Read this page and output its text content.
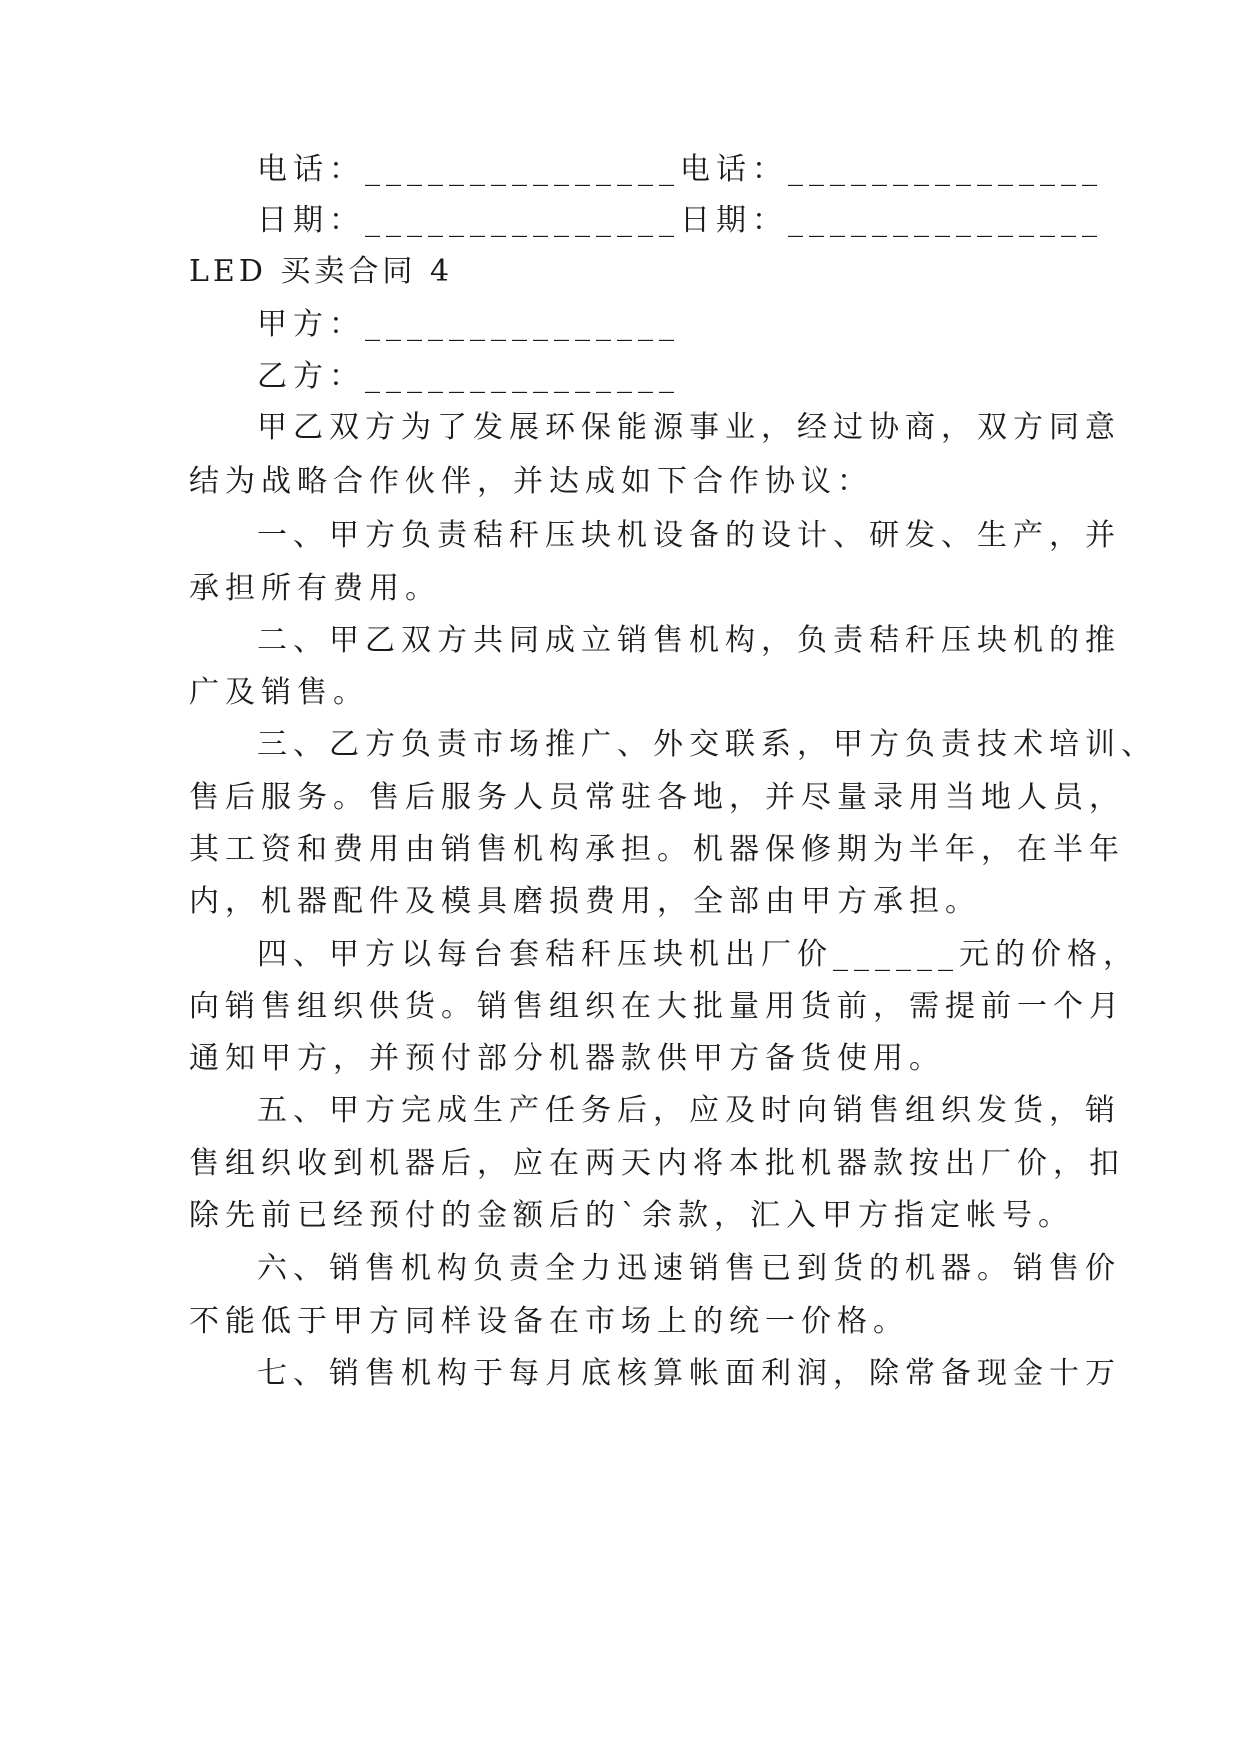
电话：_______________电话：_______________
日期：_______________日期：_______________
LED 买卖合同 4
甲方：_______________
乙方：_______________
甲乙双方为了发展环保能源事业，经过协商，双方同意
结为战略合作伙伴，并达成如下合作协议：
一、甲方负责秸秆压块机设备的设计、研发、生产，并
承担所有费用。
二、甲乙双方共同成立销售机构，负责秸秆压块机的推
广及销售。
三、乙方负责市场推广、外交联系，甲方负责技术培训、
售后服务。售后服务人员常驻各地，并尽量录用当地人员，
其工资和费用由销售机构承担。机器保修期为半年，在半年
内，机器配件及模具磨损费用，全部由甲方承担。
四、甲方以每台套秸秆压块机出厂价______元的价格，
向销售组织供货。销售组织在大批量用货前，需提前一个月
通知甲方，并预付部分机器款供甲方备货使用。
五、甲方完成生产任务后，应及时向销售组织发货，销
售组织收到机器后，应在两天内将本批机器款按出厂价，扣
除先前已经预付的金额后的`余款，汇入甲方指定帐号。
六、销售机构负责全力迅速销售已到货的机器。销售价
不能低于甲方同样设备在市场上的统一价格。
七、销售机构于每月底核算帐面利润，除常备现金十万
